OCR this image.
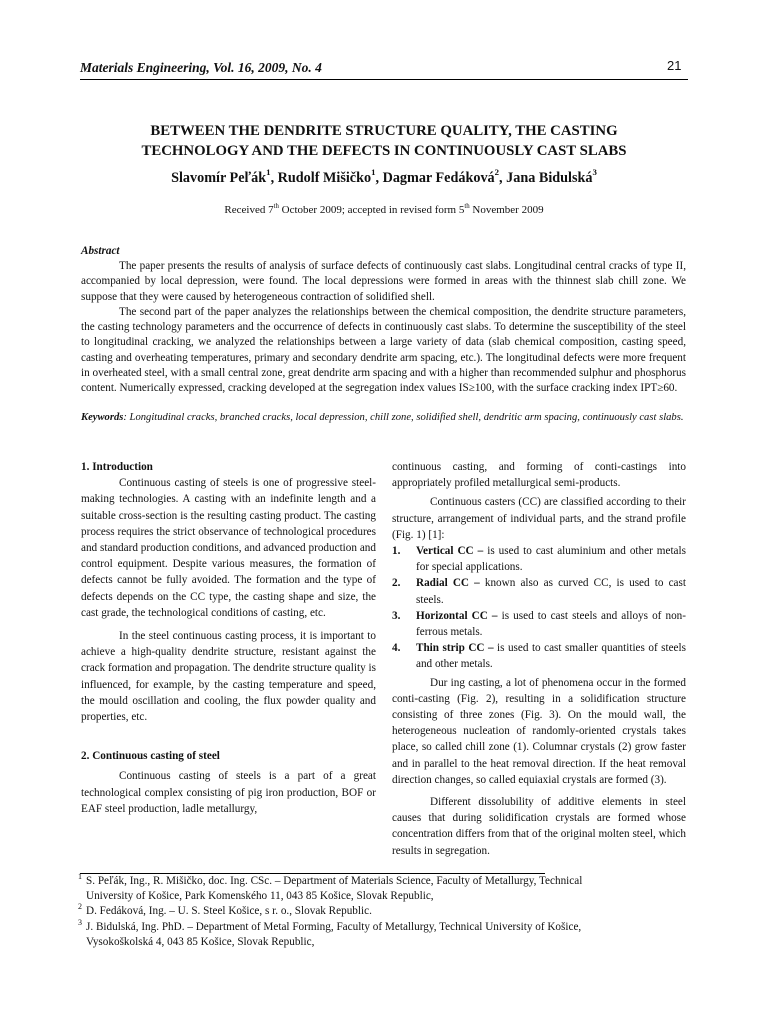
Materials Engineering, Vol. 16, 2009, No. 4	21
BETWEEN THE DENDRITE STRUCTURE QUALITY, THE CASTING
TECHNOLOGY AND THE DEFECTS IN CONTINUOUSLY CAST SLABS
Slavomír Peľák$^1$, Rudolf Mišičko$^1$, Dagmar Fedáková$^2$, Jana Bidulská$^3$
Received 7th October 2009; accepted in revised form 5th November 2009
Abstract

The paper presents the results of analysis of surface defects of continuously cast slabs. Longitudinal central cracks of type II, accompanied by local depression, were found. The local depressions were formed in areas with the thinnest slab chill zone. We suppose that they were caused by heterogeneous contraction of solidified shell.

The second part of the paper analyzes the relationships between the chemical composition, the dendrite structure parameters, the casting technology parameters and the occurrence of defects in continuously cast slabs. To determine the susceptibility of the steel to longitudinal cracking, we analyzed the relationships between a large variety of data (slab chemical composition, casting speed, casting and overheating temperatures, primary and secondary dendrite arm spacing, etc.). The longitudinal defects were more frequent in overheated steel, with a small central zone, great dendrite arm spacing and with a higher than recommended sulphur and phosphorus content. Numerically expressed, cracking developed at the segregation index values IS≥100, with the surface cracking index IPT≥60.

Keywords: Longitudinal cracks, branched cracks, local depression, chill zone, solidified shell, dendritic arm spacing, continuously cast slabs.
1. Introduction

Continuous casting of steels is one of progressive steel-making technologies. A casting with an indefinite length and a suitable cross-section is the resulting casting product. The casting process requires the strict observance of technological procedures and standard production conditions, and advanced production and control equipment. Despite various measures, the formation of defects cannot be fully avoided. The formation and the type of defects depends on the CC type, the casting shape and size, the cast grade, the technological conditions of casting, etc.

In the steel continuous casting process, it is important to achieve a high-quality dendrite structure, resistant against the crack formation and propagation. The dendrite structure quality is influenced, for example, by the casting temperature and speed, the mould oscillation and cooling, the flux powder quality and properties, etc.

2. Continuous casting of steel

Continuous casting of steels is a part of a great technological complex consisting of pig iron production, BOF or EAF steel production, ladle metallurgy,

continuous casting, and forming of conti-castings into appropriately profiled metallurgical semi-products.

Continuous casters (CC) are classified according to their structure, arrangement of individual parts, and the strand profile (Fig. 1) [1]:

1.	Vertical CC – is used to cast aluminium and other metals for special applications.
2.	Radial CC – known also as curved CC, is used to cast steels.
3.	Horizontal CC – is used to cast steels and alloys of non-ferrous metals.
4.	Thin strip CC – is used to cast smaller quantities of steels and other metals.

Dur ing casting, a lot of phenomena occur in the formed conti-casting (Fig. 2), resulting in a solidification structure consisting of three zones (Fig. 3). On the mould wall, the heterogeneous nucleation of randomly-oriented crystals takes place, so called chill zone (1). Columnar crystals (2) grow faster and in parallel to the heat removal direction. If the heat removal direction changes, so called equiaxial crystals are formed (3).

Different dissolubility of additive elements in steel causes that during solidification crystals are formed whose concentration differs from that of the original molten steel, which results in segregation.

1 S. Peľák, Ing., R. Mišičko, doc. Ing. CSc. – Department of Materials Science, Faculty of Metallurgy, Technical
University of Košice, Park Komenského 11, 043 85 Košice, Slovak Republic,
2 D. Fedáková, Ing. – U. S. Steel Košice, s r. o., Slovak Republic.
3 J. Bidulská, Ing. PhD. – Department of Metal Forming, Faculty of Metallurgy, Technical University of Košice,
Vysokoškolská 4, 043 85 Košice, Slovak Republic,
